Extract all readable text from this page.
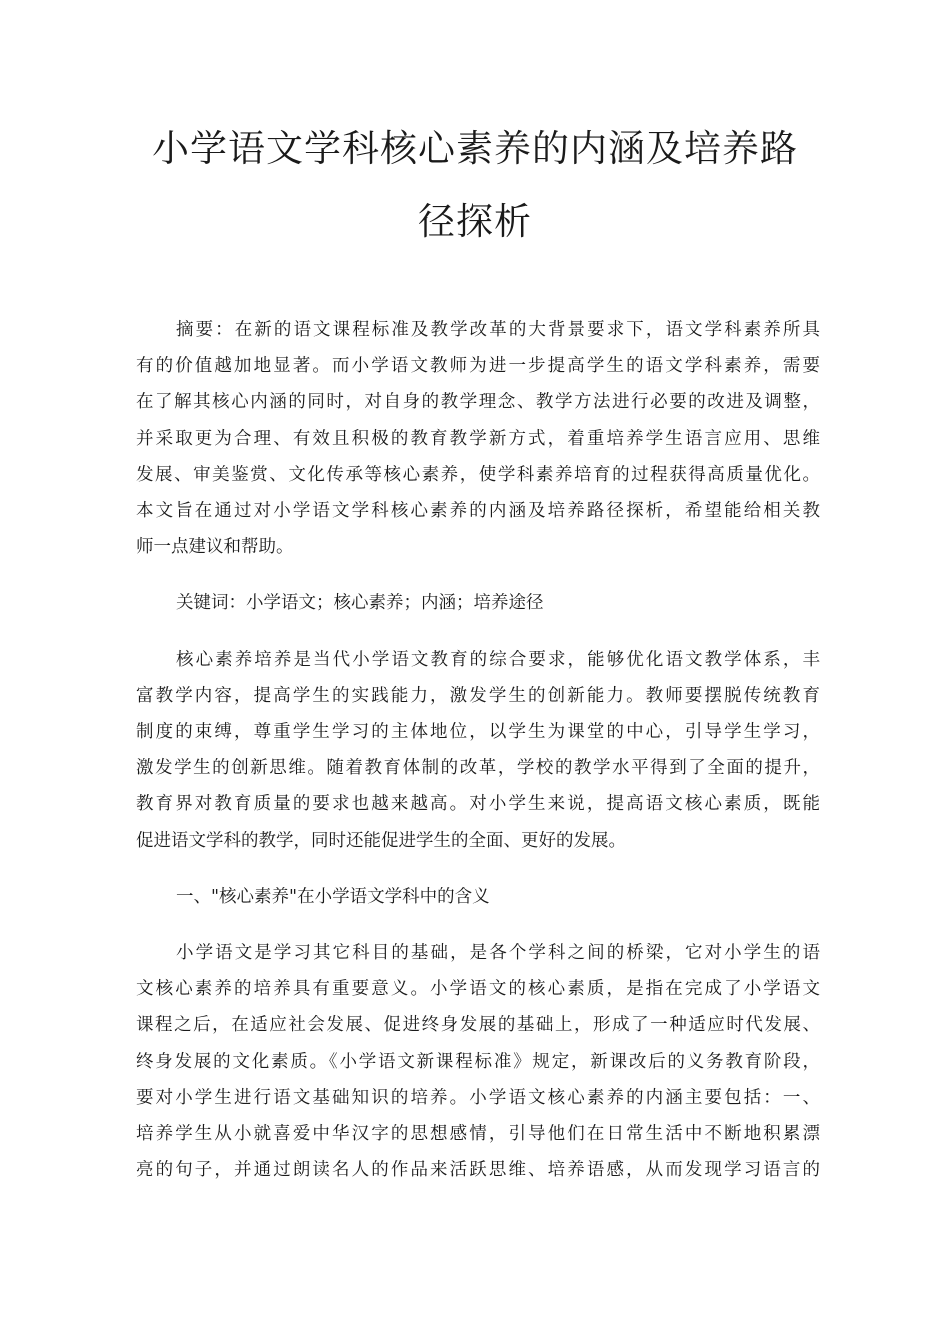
小学语文学科核心素养的内涵及培养路
径探析

摘要：在新的语文课程标准及教学改革的大背景要求下，语文学科素养所具
有的价值越加地显著。而小学语文教师为进一步提高学生的语文学科素养，需要
在了解其核心内涵的同时，对自身的教学理念、教学方法进行必要的改进及调整，
并采取更为合理、有效且积极的教育教学新方式，着重培养学生语言应用、思维
发展、审美鉴赏、文化传承等核心素养，使学科素养培育的过程获得高质量优化。
本文旨在通过对小学语文学科核心素养的内涵及培养路径探析，希望能给相关教
师一点建议和帮助。

关键词：小学语文；核心素养；内涵；培养途径

核心素养培养是当代小学语文教育的综合要求，能够优化语文教学体系，丰
富教学内容，提高学生的实践能力，激发学生的创新能力。教师要摆脱传统教育
制度的束缚，尊重学生学习的主体地位，以学生为课堂的中心，引导学生学习，
激发学生的创新思维。随着教育体制的改革，学校的教学水平得到了全面的提升，
教育界对教育质量的要求也越来越高。对小学生来说，提高语文核心素质，既能
促进语文学科的教学，同时还能促进学生的全面、更好的发展。

一、"核心素养"在小学语文学科中的含义

小学语文是学习其它科目的基础，是各个学科之间的桥梁，它对小学生的语
文核心素养的培养具有重要意义。小学语文的核心素质，是指在完成了小学语文
课程之后，在适应社会发展、促进终身发展的基础上，形成了一种适应时代发展、
终身发展的文化素质。《小学语文新课程标准》规定，新课改后的义务教育阶段，
要对小学生进行语文基础知识的培养。小学语文核心素养的内涵主要包括：一、
培养学生从小就喜爱中华汉字的思想感情，引导他们在日常生活中不断地积累漂
亮的句子，并通过朗读名人的作品来活跃思维、培养语感，从而发现学习语言的
